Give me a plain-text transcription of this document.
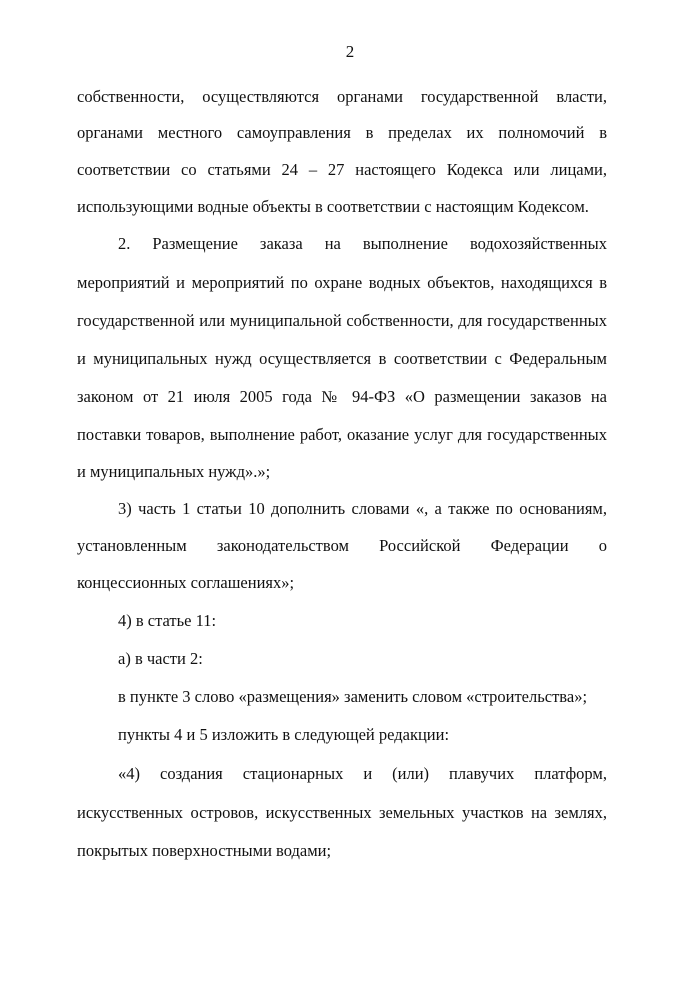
2
собственности, осуществляются органами государственной власти,
органами местного самоуправления в пределах их полномочий в
соответствии со статьями 24 – 27 настоящего Кодекса или лицами,
использующими водные объекты в соответствии с настоящим Кодексом.
2. Размещение заказа на выполнение водохозяйственных
мероприятий и мероприятий по охране водных объектов, находящихся в
государственной или муниципальной собственности, для государственных
и муниципальных нужд осуществляется в соответствии с Федеральным
законом от 21 июля 2005 года № 94-ФЗ «О размещении заказов на
поставки товаров, выполнение работ, оказание услуг для государственных
и муниципальных нужд».»;
3) часть 1 статьи 10 дополнить словами «, а также по основаниям,
установленным законодательством Российской Федерации о
концессионных соглашениях»;
4) в статье 11:
а) в части 2:
в пункте 3 слово «размещения» заменить словом «строительства»;
пункты 4 и 5 изложить в следующей редакции:
«4) создания стационарных и (или) плавучих платформ,
искусственных островов, искусственных земельных участков на землях,
покрытых поверхностными водами;
